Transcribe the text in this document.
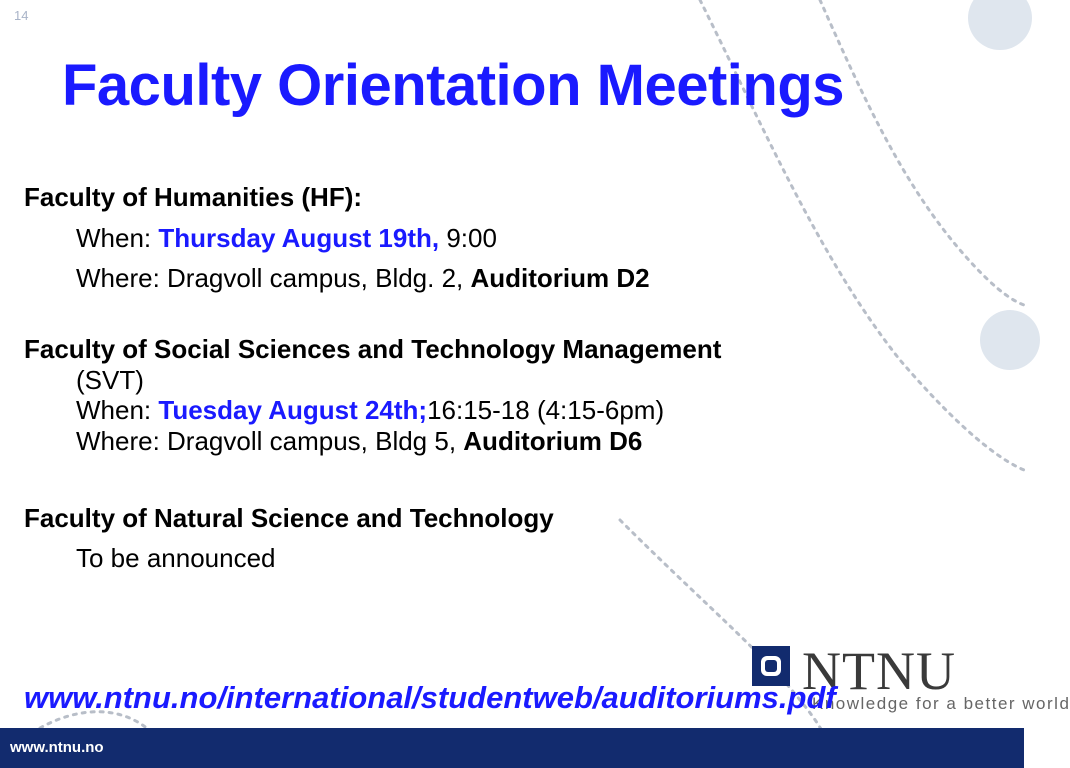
14
Faculty Orientation Meetings
Faculty of Humanities (HF):
When: Thursday August 19th, 9:00
Where: Dragvoll campus, Bldg. 2, Auditorium D2
Faculty of Social Sciences and Technology Management
(SVT)
When: Tuesday August 24th;16:15-18 (4:15-6pm)
Where: Dragvoll campus, Bldg 5, Auditorium D6
Faculty of Natural Science and Technology
To be announced
NTNU
Knowledge for a better world
www.ntnu.no/international/studentweb/auditoriums.pdf
www.ntnu.no
